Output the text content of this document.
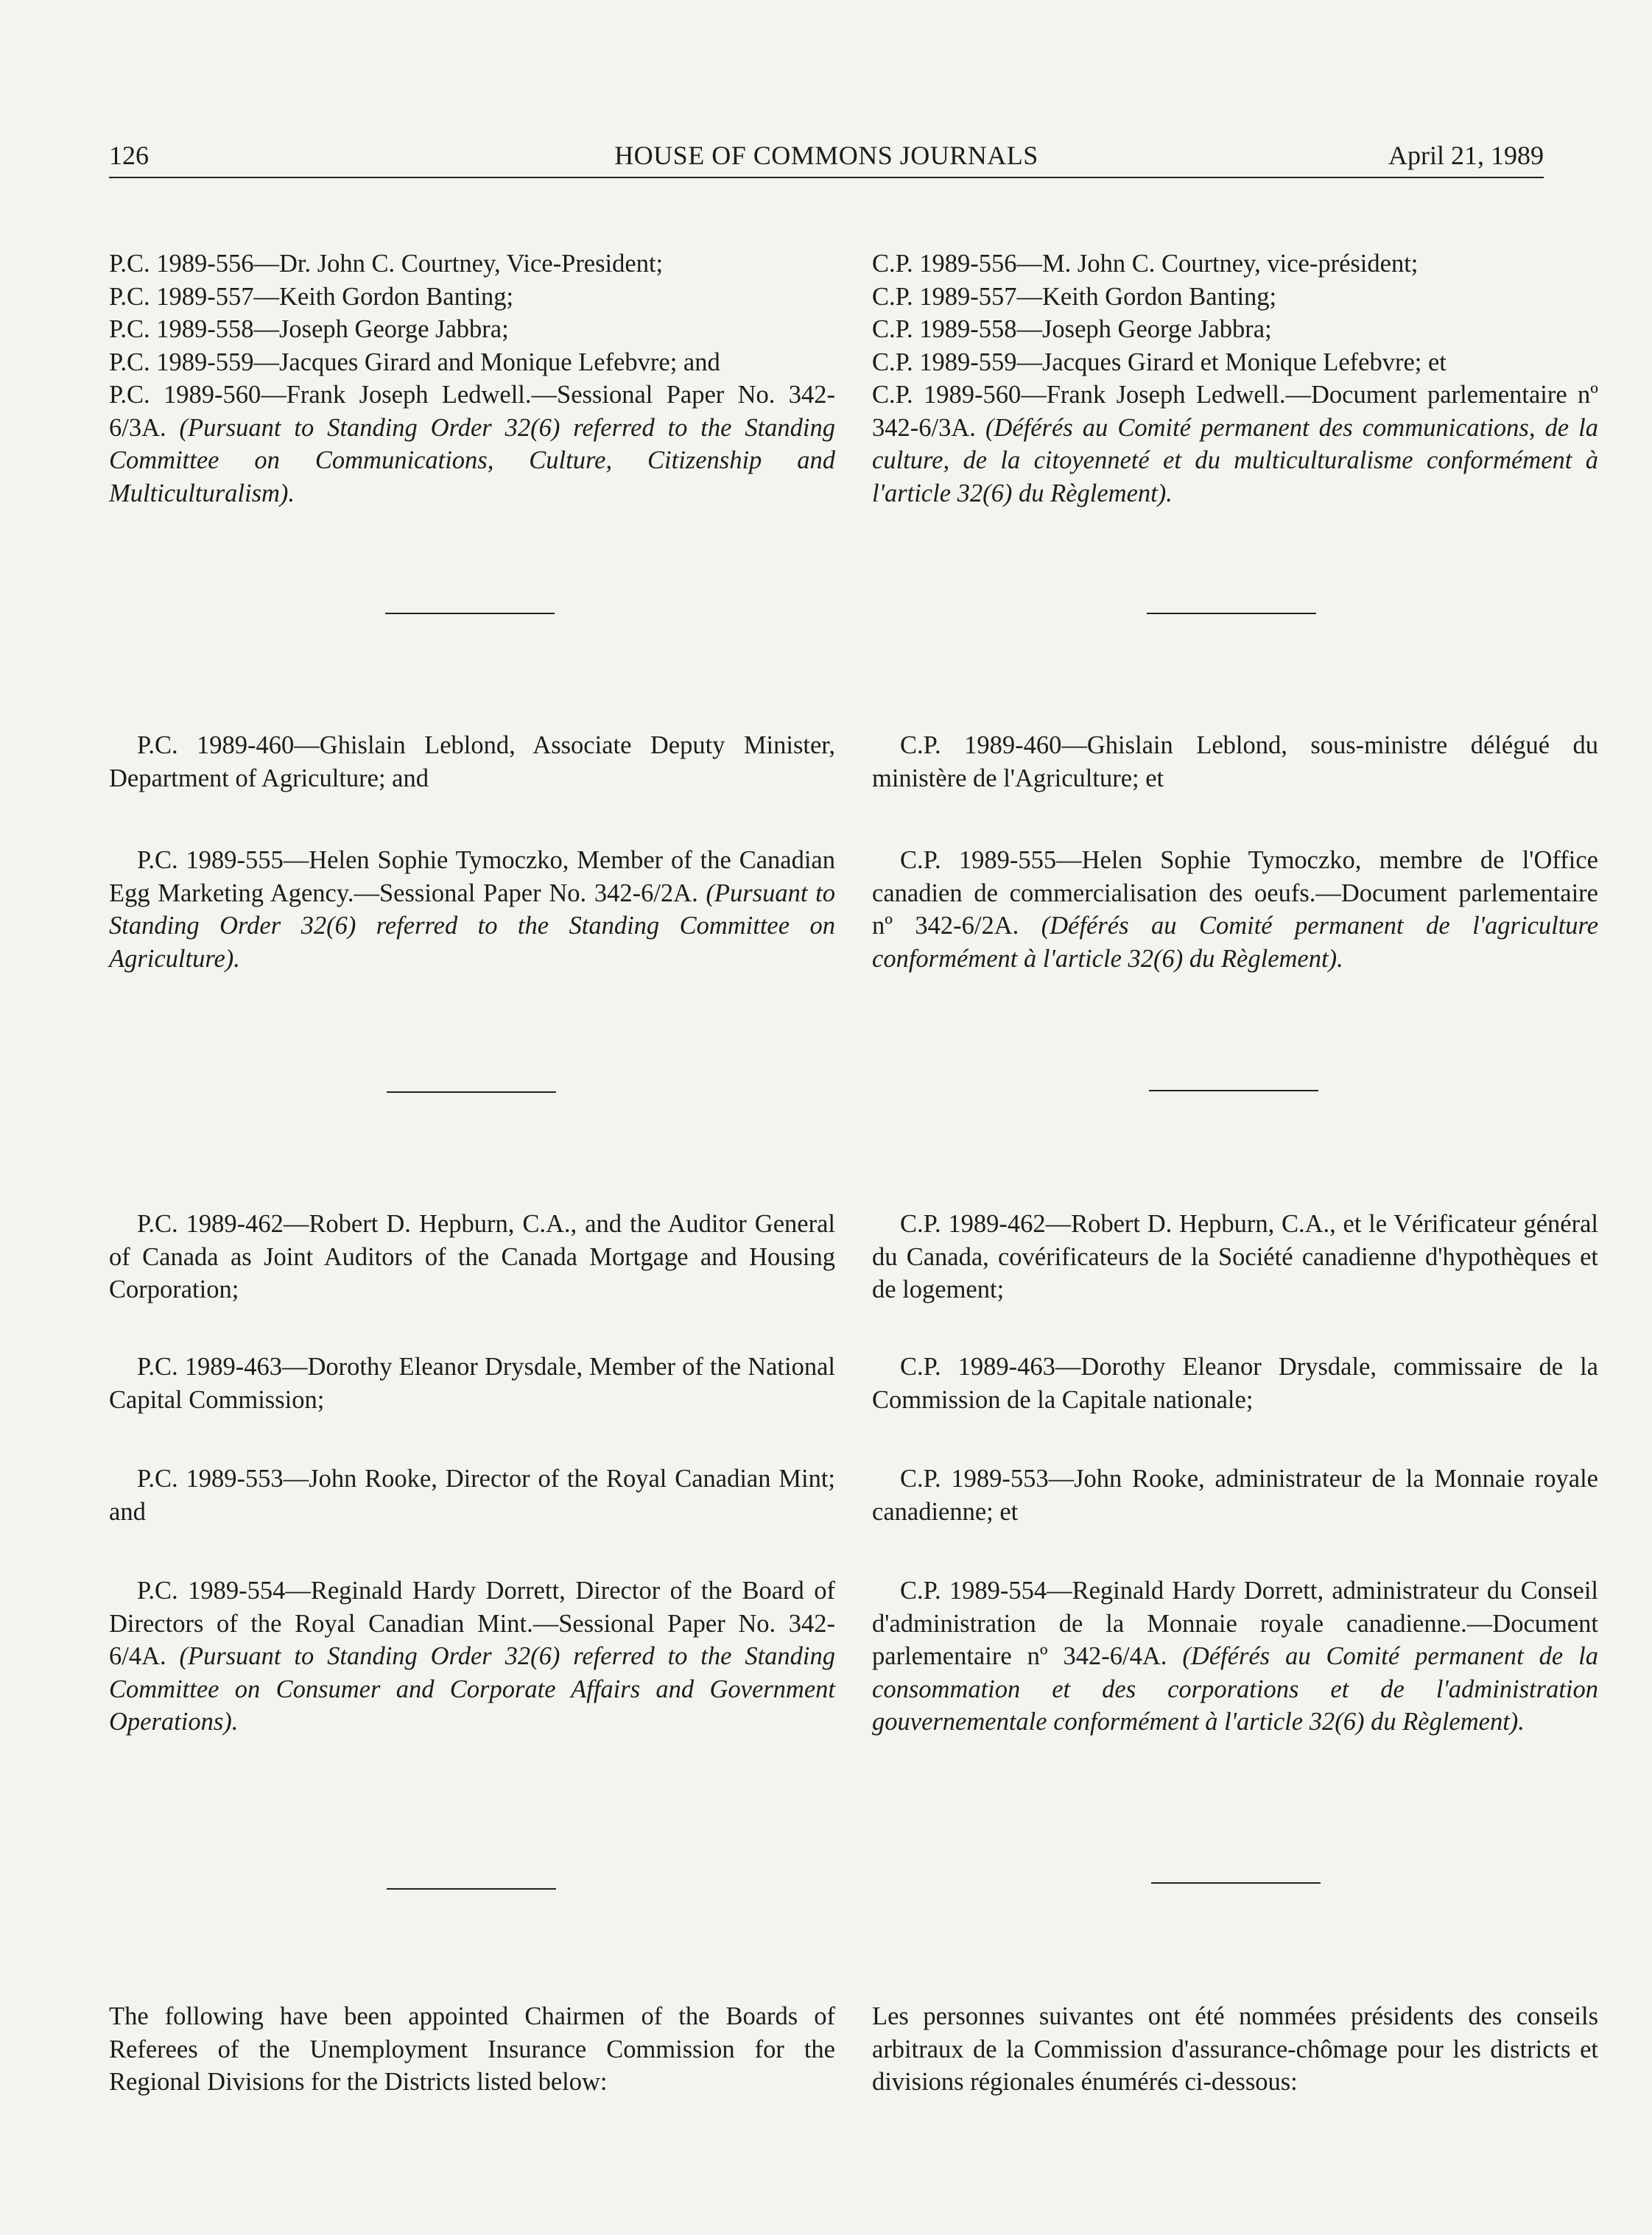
126	HOUSE OF COMMONS JOURNALS	April 21, 1989
P.C. 1989-556—Dr. John C. Courtney, Vice-President;
P.C. 1989-557—Keith Gordon Banting;
P.C. 1989-558—Joseph George Jabbra;
P.C. 1989-559—Jacques Girard and Monique Lefebvre; and
P.C. 1989-560—Frank Joseph Ledwell.—Sessional Paper No. 342-6/3A. (Pursuant to Standing Order 32(6) referred to the Standing Committee on Communications, Culture, Citizenship and Multiculturalism).
P.C. 1989-460—Ghislain Leblond, Associate Deputy Minister, Department of Agriculture; and
P.C. 1989-555—Helen Sophie Tymoczko, Member of the Canadian Egg Marketing Agency.—Sessional Paper No. 342-6/2A. (Pursuant to Standing Order 32(6) referred to the Standing Committee on Agriculture).
P.C. 1989-462—Robert D. Hepburn, C.A., and the Auditor General of Canada as Joint Auditors of the Canada Mortgage and Housing Corporation;
P.C. 1989-463—Dorothy Eleanor Drysdale, Member of the National Capital Commission;
P.C. 1989-553—John Rooke, Director of the Royal Canadian Mint; and
P.C. 1989-554—Reginald Hardy Dorrett, Director of the Board of Directors of the Royal Canadian Mint.—Sessional Paper No. 342-6/4A. (Pursuant to Standing Order 32(6) referred to the Standing Committee on Consumer and Corporate Affairs and Government Operations).
The following have been appointed Chairmen of the Boards of Referees of the Unemployment Insurance Commission for the Regional Divisions for the Districts listed below:
C.P. 1989-556—M. John C. Courtney, vice-président;
C.P. 1989-557—Keith Gordon Banting;
C.P. 1989-558—Joseph George Jabbra;
C.P. 1989-559—Jacques Girard et Monique Lefebvre; et
C.P. 1989-560—Frank Joseph Ledwell.—Document parlementaire nº 342-6/3A. (Déférés au Comité permanent des communications, de la culture, de la citoyenneté et du multiculturalisme conformément à l'article 32(6) du Règlement).
C.P. 1989-460—Ghislain Leblond, sous-ministre délégué du ministère de l'Agriculture; et
C.P. 1989-555—Helen Sophie Tymoczko, membre de l'Office canadien de commercialisation des oeufs.—Document parlementaire nº 342-6/2A. (Déférés au Comité permanent de l'agriculture conformément à l'article 32(6) du Règlement).
C.P. 1989-462—Robert D. Hepburn, C.A., et le Vérificateur général du Canada, covérificateurs de la Société canadienne d'hypothèques et de logement;
C.P. 1989-463—Dorothy Eleanor Drysdale, commissaire de la Commission de la Capitale nationale;
C.P. 1989-553—John Rooke, administrateur de la Monnaie royale canadienne; et
C.P. 1989-554—Reginald Hardy Dorrett, administrateur du Conseil d'administration de la Monnaie royale canadienne.—Document parlementaire nº 342-6/4A. (Déférés au Comité permanent de la consommation et des corporations et de l'administration gouvernementale conformément à l'article 32(6) du Règlement).
Les personnes suivantes ont été nommées présidents des conseils arbitraux de la Commission d'assurance-chômage pour les districts et divisions régionales énumérés ci-dessous:
